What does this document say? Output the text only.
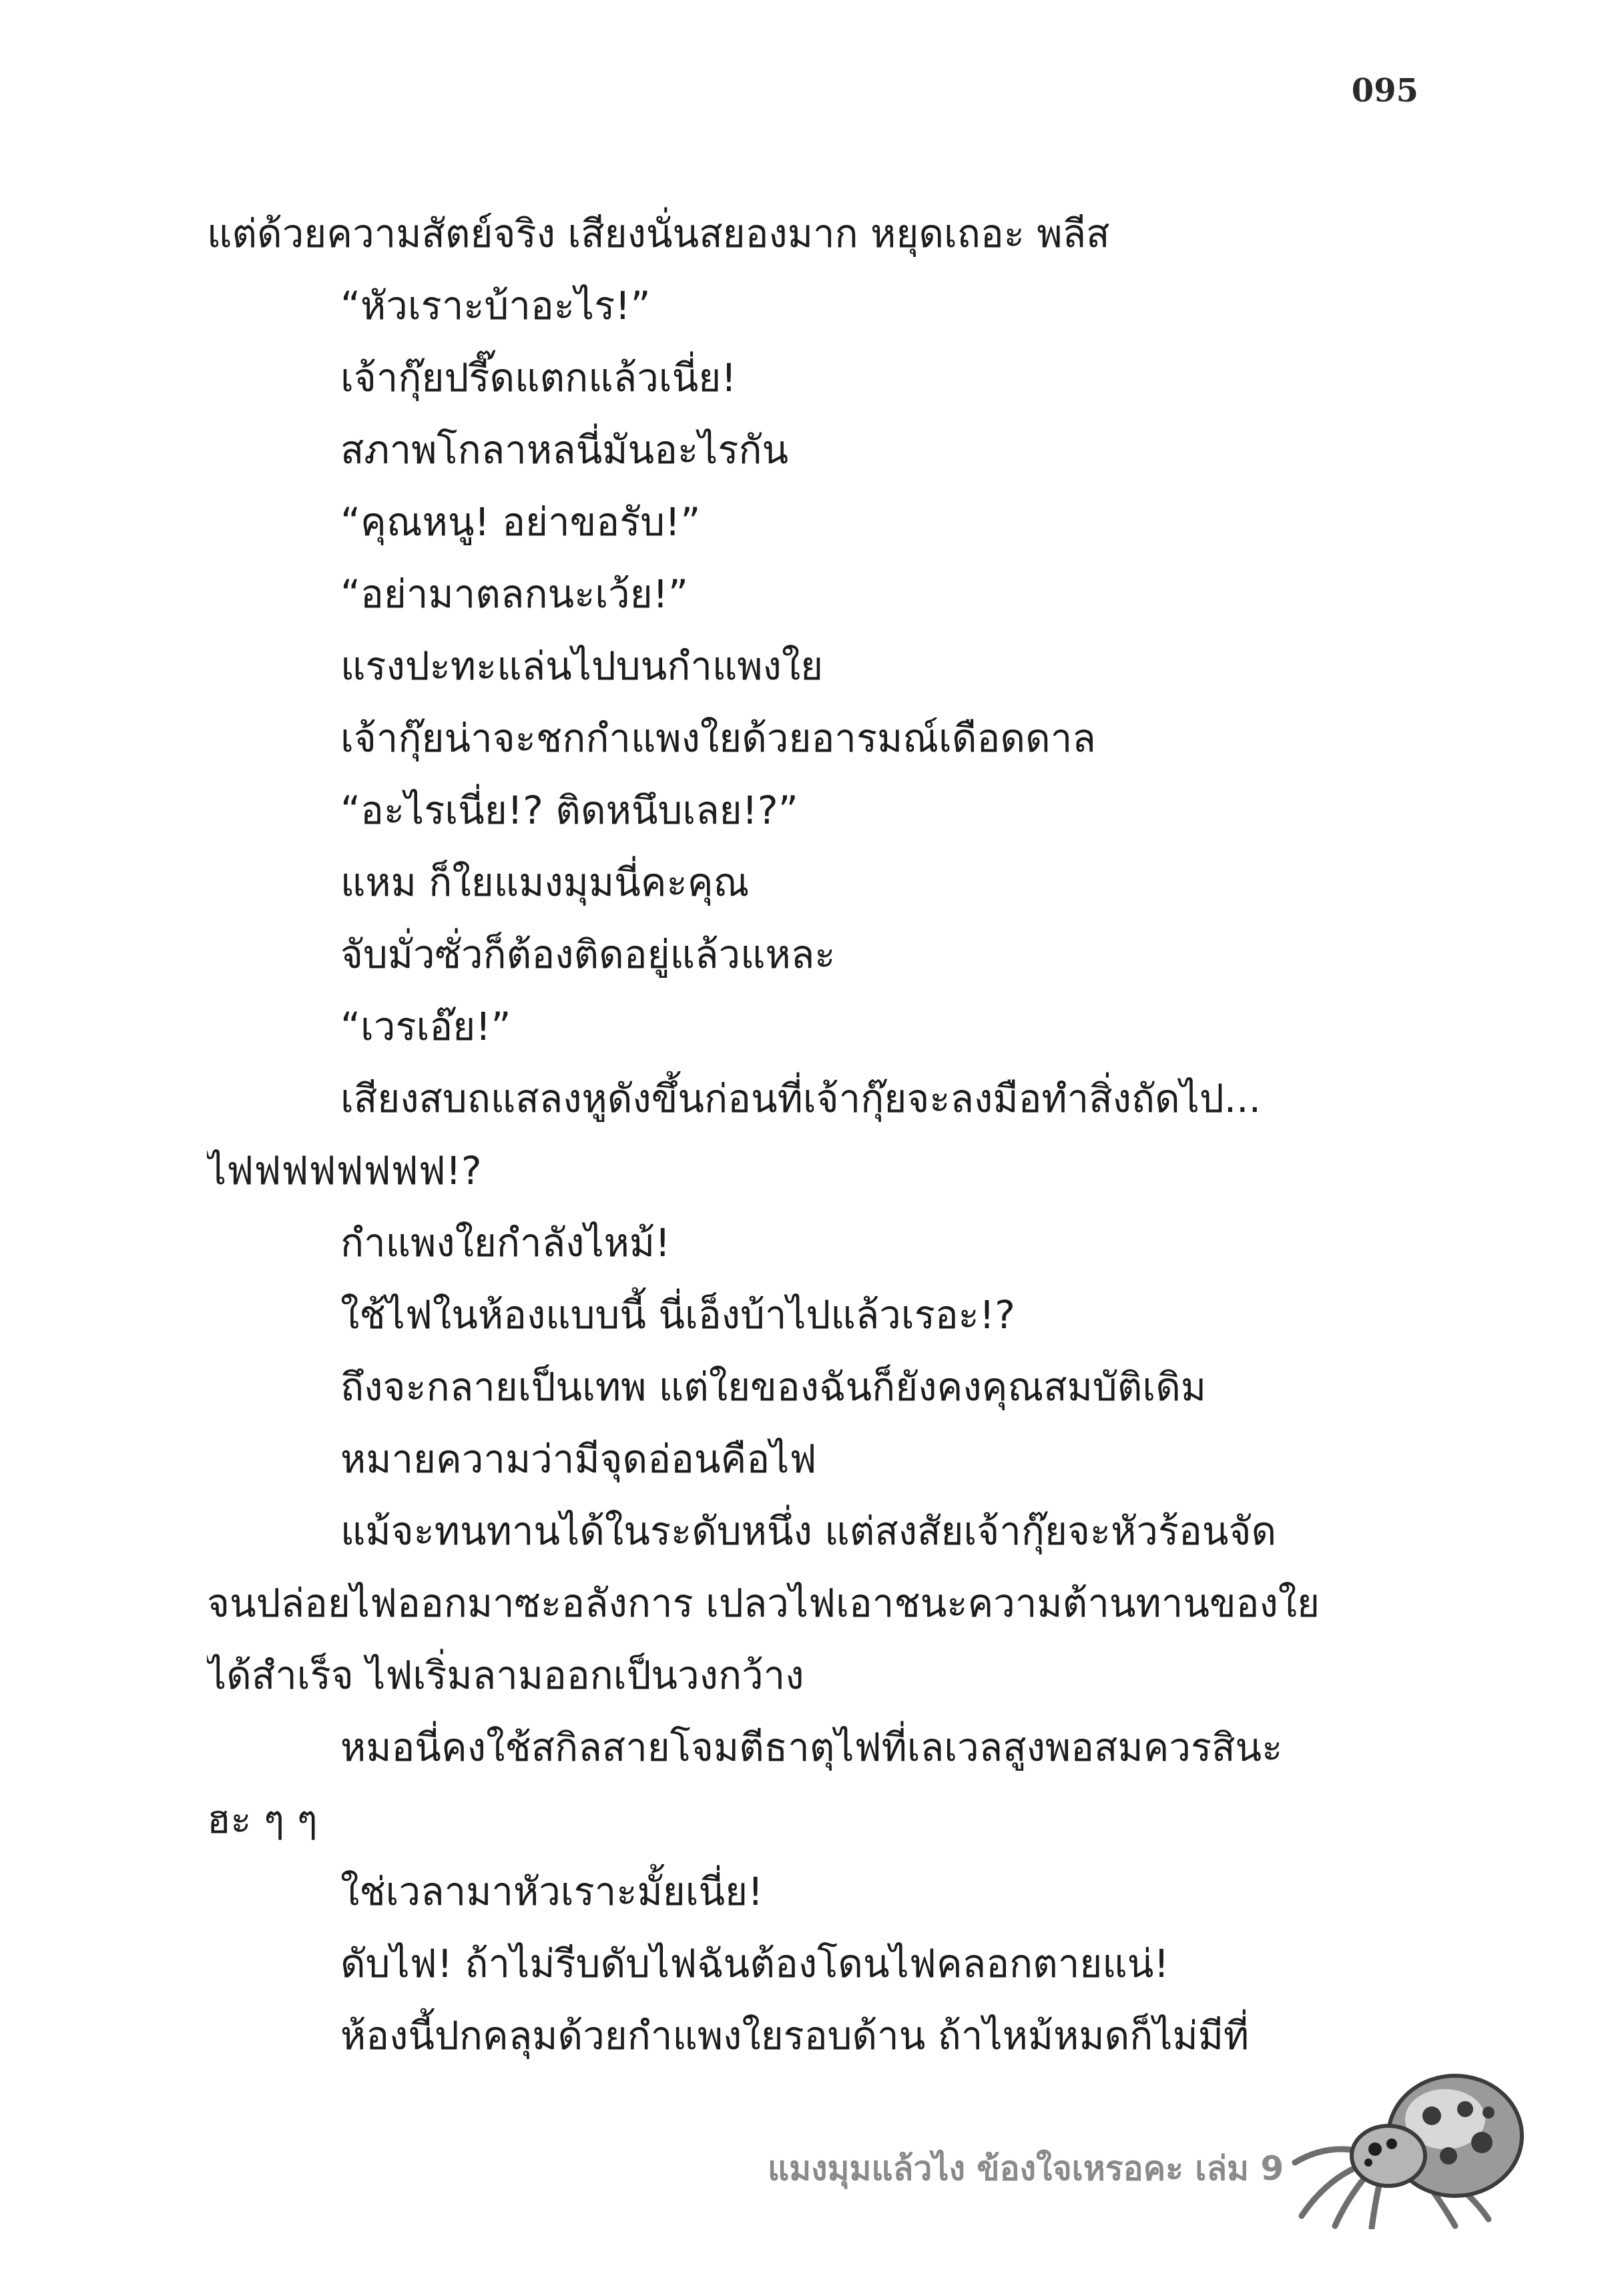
095
แต่ด้วยความสัตย์จริง เสียงนั่นสยองมาก หยุดเถอะ พลีส
“หัวเราะบ้าอะไร!”
เจ้ากุ๊ยปรี๊ดแตกแล้วเนี่ย!
สภาพโกลาหลนี่มันอะไรกัน
“คุณหนู! อย่าขอรับ!”
“อย่ามาตลกนะเว้ย!”
แรงปะทะแล่นไปบนกำแพงใย
เจ้ากุ๊ยน่าจะชกกำแพงใยด้วยอารมณ์เดือดดาล
“อะไรเนี่ย!? ติดหนึบเลย!?”
แหม ก็ใยแมงมุมนี่คะคุณ
จับมั่วซั่วก็ต้องติดอยู่แล้วแหละ
“เวรเอ๊ย!”
เสียงสบถแสลงหูดังขึ้นก่อนที่เจ้ากุ๊ยจะลงมือทำสิ่งถัดไป...
ไฟฟฟฟฟฟฟฟ!?
กำแพงใยกำลังไหม้!
ใช้ไฟในห้องแบบนี้ นี่เอ็งบ้าไปแล้วเรอะ!?
ถึงจะกลายเป็นเทพ แต่ใยของฉันก็ยังคงคุณสมบัติเดิม
หมายความว่ามีจุดอ่อนคือไฟ
แม้จะทนทานได้ในระดับหนึ่ง แต่สงสัยเจ้ากุ๊ยจะหัวร้อนจัด
จนปล่อยไฟออกมาซะอลังการ เปลวไฟเอาชนะความต้านทานของใย
ได้สำเร็จ ไฟเริ่มลามออกเป็นวงกว้าง
หมอนี่คงใช้สกิลสายโจมตีธาตุไฟที่เลเวลสูงพอสมควรสินะ
ฮะ ๆ ๆ
ใช่เวลามาหัวเราะมั้ยเนี่ย!
ดับไฟ! ถ้าไม่รีบดับไฟฉันต้องโดนไฟคลอกตายแน่!
ห้องนี้ปกคลุมด้วยกำแพงใยรอบด้าน ถ้าไหม้หมดก็ไม่มีที่
แมงมุมแล้วไง ข้องใจเหรอคะ เล่ม 9
